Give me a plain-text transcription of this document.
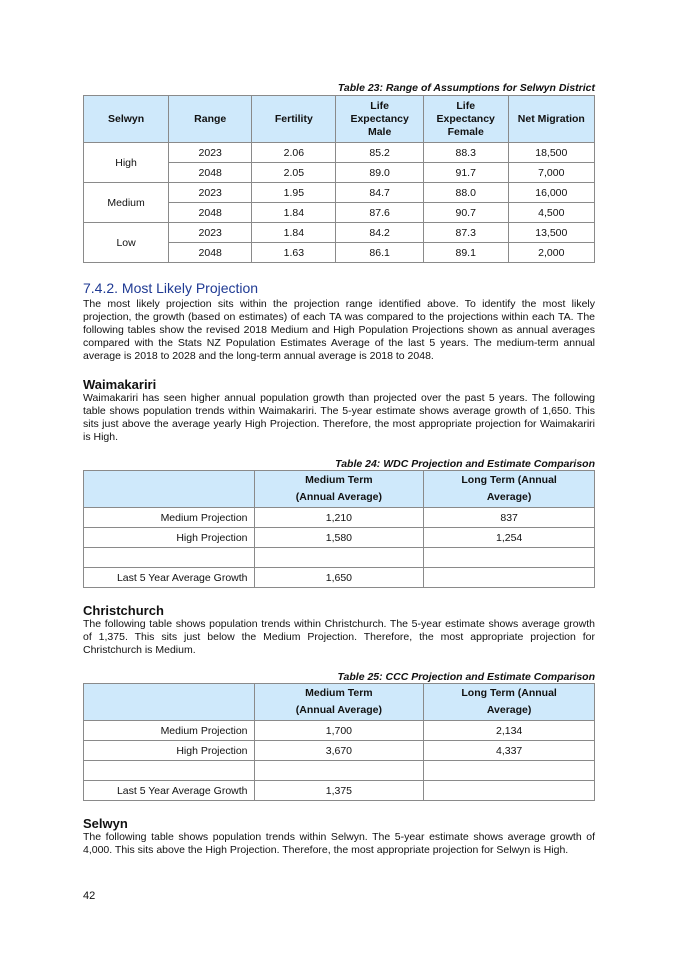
Table 23: Range of Assumptions for Selwyn District
Selwyn	Range	Fertility	Life Expectancy Male	Life Expectancy Female	Net Migration
High	2023	2.06	85.2	88.3	18,500
	2048	2.05	89.0	91.7	7,000
Medium	2023	1.95	84.7	88.0	16,000
	2048	1.84	87.6	90.7	4,500
Low	2023	1.84	84.2	87.3	13,500
	2048	1.63	86.1	89.1	2,000
7.4.2. Most Likely Projection

The most likely projection sits within the projection range identified above. To identify the most likely projection, the growth (based on estimates) of each TA was compared to the projections within each TA. The following tables show the revised 2018 Medium and High Population Projections shown as annual averages compared with the Stats NZ Population Estimates Average of the last 5 years. The medium-term annual average is 2018 to 2028 and the long-term annual average is 2018 to 2048.

Waimakariri

Waimakariri has seen higher annual population growth than projected over the past 5 years. The following table shows population trends within Waimakariri. The 5-year estimate shows average growth of 1,650. This sits just above the average yearly High Projection. Therefore, the most appropriate projection for Waimakariri is High.

Table 24: WDC Projection and Estimate Comparison
	Medium Term (Annual Average)	Long Term (Annual Average)
Medium Projection	1,210	837
High Projection	1,580	1,254

Last 5 Year Average Growth	1,650	
Christchurch

The following table shows population trends within Christchurch. The 5-year estimate shows average growth of 1,375. This sits just below the Medium Projection. Therefore, the most appropriate projection for Christchurch is Medium.

Table 25: CCC Projection and Estimate Comparison
	Medium Term (Annual Average)	Long Term (Annual Average)
Medium Projection	1,700	2,134
High Projection	3,670	4,337

Last 5 Year Average Growth	1,375	
Selwyn

The following table shows population trends within Selwyn. The 5-year estimate shows average growth of 4,000. This sits above the High Projection. Therefore, the most appropriate projection for Selwyn is High.

42
